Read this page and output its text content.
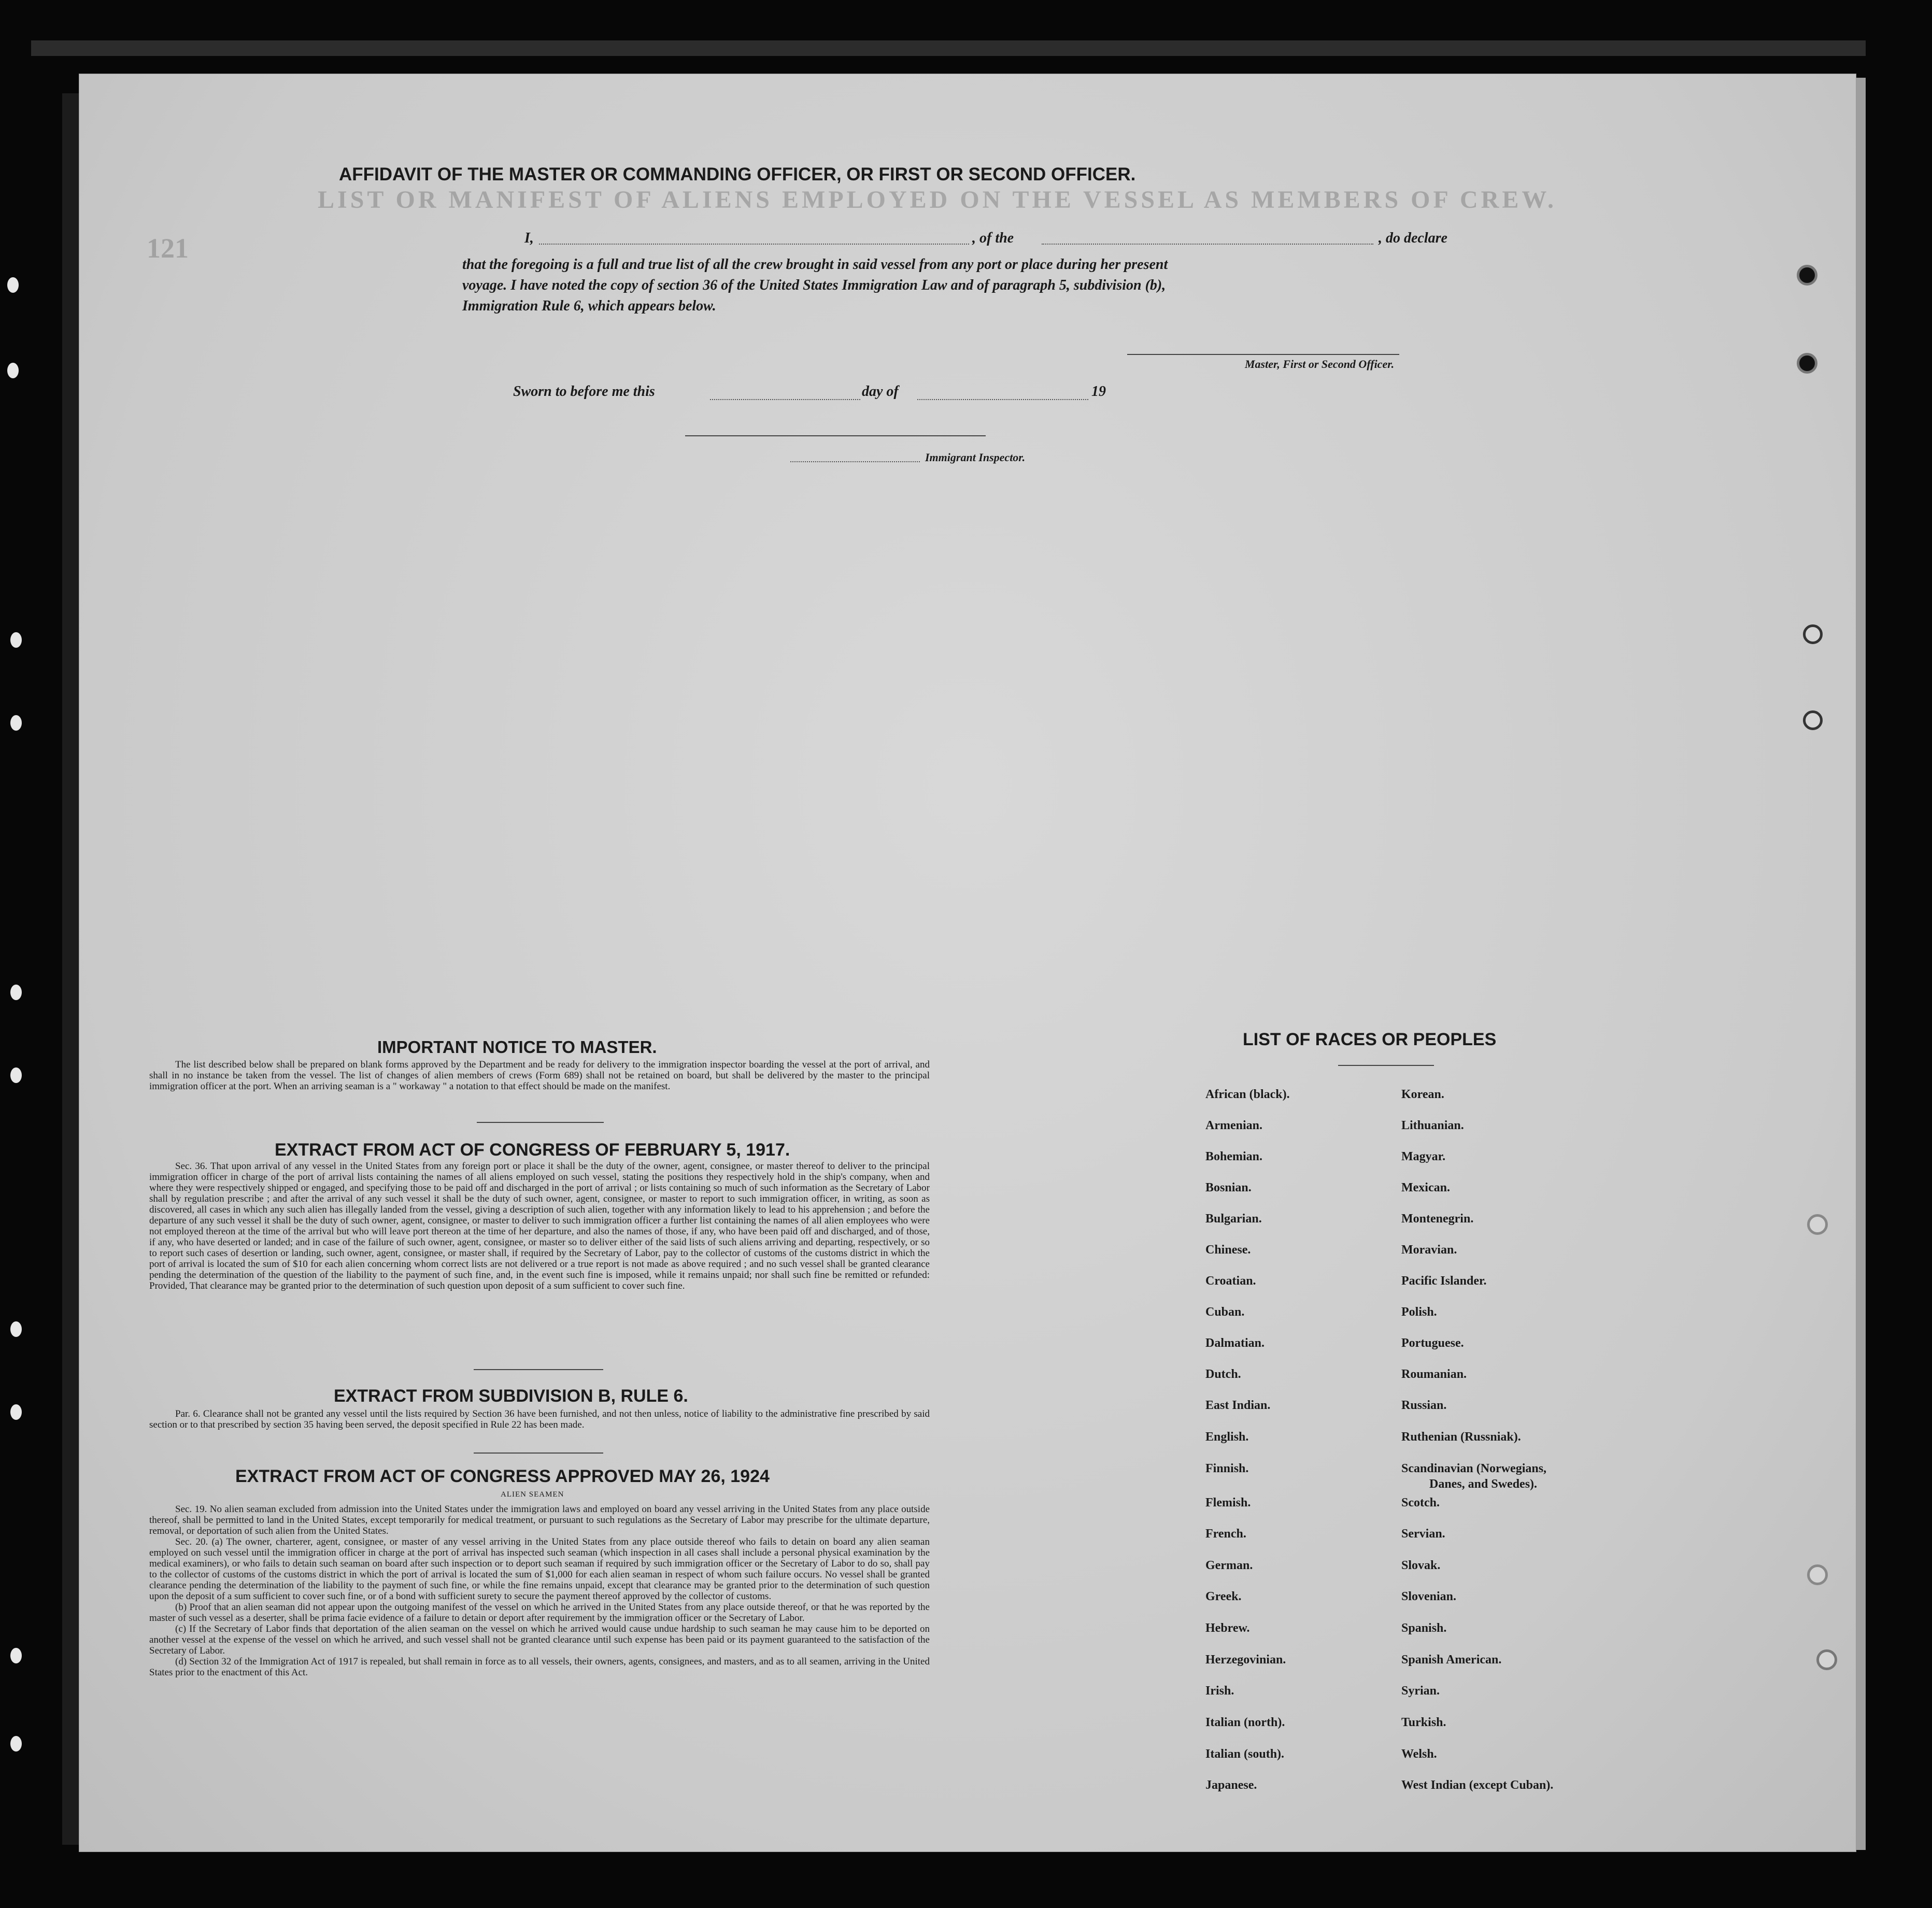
LIST OR MANIFEST OF ALIENS EMPLOYED ON THE VESSEL AS MEMBERS OF CREW.
121
AFFIDAVIT OF THE MASTER OR COMMANDING OFFICER, OR FIRST OR SECOND OFFICER.
I,	, of the	, do declare
that the foregoing is a full and true list of all the crew brought in said vessel from any port or place during her present
voyage. I have noted the copy of section 36 of the United States Immigration Law and of paragraph 5, subdivision (b),
Immigration Rule 6, which appears below.
Master, First or Second Officer.
Sworn to before me this	day of	19
Immigrant Inspector.
IMPORTANT NOTICE TO MASTER.

The list described below shall be prepared on blank forms approved by the Department and be ready for delivery to the immigration inspector boarding the vessel at the port of arrival, and shall in no instance be taken from the vessel. The list of changes of alien members of crews (Form 689) shall not be retained on board, but shall be delivered by the master to the principal immigration officer at the port. When an arriving seaman is a " workaway " a notation to that effect should be made on the manifest.

EXTRACT FROM ACT OF CONGRESS OF FEBRUARY 5, 1917.

Sec. 36. That upon arrival of any vessel in the United States from any foreign port or place it shall be the duty of the owner, agent, consignee, or master thereof to deliver to the principal immigration officer in charge of the port of arrival lists containing the names of all aliens employed on such vessel, stating the positions they respectively hold in the ship's company, when and where they were respectively shipped or engaged, and specifying those to be paid off and discharged in the port of arrival ; or lists containing so much of such information as the Secretary of Labor shall by regulation prescribe ; and after the arrival of any such vessel it shall be the duty of such owner, agent, consignee, or master to report to such immigration officer, in writing, as soon as discovered, all cases in which any such alien has illegally landed from the vessel, giving a description of such alien, together with any information likely to lead to his apprehension ; and before the departure of any such vessel it shall be the duty of such owner, agent, consignee, or master to deliver to such immigration officer a further list containing the names of all alien employees who were not employed thereon at the time of the arrival but who will leave port thereon at the time of her departure, and also the names of those, if any, who have been paid off and discharged, and of those, if any, who have deserted or landed; and in case of the failure of such owner, agent, consignee, or master so to deliver either of the said lists of such aliens arriving and departing, respectively, or so to report such cases of desertion or landing, such owner, agent, consignee, or master shall, if required by the Secretary of Labor, pay to the collector of customs of the customs district in which the port of arrival is located the sum of $10 for each alien concerning whom correct lists are not delivered or a true report is not made as above required ; and no such vessel shall be granted clearance pending the determination of the question of the liability to the payment of such fine, and, in the event such fine is imposed, while it remains unpaid; nor shall such fine be remitted or refunded: Provided, That clearance may be granted prior to the determination of such question upon deposit of a sum sufficient to cover such fine.

EXTRACT FROM SUBDIVISION B, RULE 6.

Par. 6. Clearance shall not be granted any vessel until the lists required by Section 36 have been furnished, and not then unless, notice of liability to the administrative fine prescribed by said section or to that prescribed by section 35 having been served, the deposit specified in Rule 22 has been made.

EXTRACT FROM ACT OF CONGRESS APPROVED MAY 26, 1924
ALIEN SEAMEN

Sec. 19. No alien seaman excluded from admission into the United States under the immigration laws and employed on board any vessel arriving in the United States from any place outside thereof, shall be permitted to land in the United States, except temporarily for medical treatment, or pursuant to such regulations as the Secretary of Labor may prescribe for the ultimate departure, removal, or deportation of such alien from the United States.

Sec. 20. (a) The owner, charterer, agent, consignee, or master of any vessel arriving in the United States from any place outside thereof who fails to detain on board any alien seaman employed on such vessel until the immigration officer in charge at the port of arrival has inspected such seaman (which inspection in all cases shall include a personal physical examination by the medical examiners), or who fails to detain such seaman on board after such inspection or to deport such seaman if required by such immigration officer or the Secretary of Labor to do so, shall pay to the collector of customs of the customs district in which the port of arrival is located the sum of $1,000 for each alien seaman in respect of whom such failure occurs. No vessel shall be granted clearance pending the determination of the liability to the payment of such fine, or while the fine remains unpaid, except that clearance may be granted prior to the determination of such question upon the deposit of a sum sufficient to cover such fine, or of a bond with sufficient surety to secure the payment thereof approved by the collector of customs.

(b) Proof that an alien seaman did not appear upon the outgoing manifest of the vessel on which he arrived in the United States from any place outside thereof, or that he was reported by the master of such vessel as a deserter, shall be prima facie evidence of a failure to detain or deport after requirement by the immigration officer or the Secretary of Labor.

(c) If the Secretary of Labor finds that deportation of the alien seaman on the vessel on which he arrived would cause undue hardship to such seaman he may cause him to be deported on another vessel at the expense of the vessel on which he arrived, and such vessel shall not be granted clearance until such expense has been paid or its payment guaranteed to the satisfaction of the Secretary of Labor.

(d) Section 32 of the Immigration Act of 1917 is repealed, but shall remain in force as to all vessels, their owners, agents, consignees, and masters, and as to all seamen, arriving in the United States prior to the enactment of this Act.

LIST OF RACES OR PEOPLES
African (black).
Armenian.
Bohemian.
Bosnian.
Bulgarian.
Chinese.
Croatian.
Cuban.
Dalmatian.
Dutch.
East Indian.
English.
Finnish.
Flemish.
French.
German.
Greek.
Hebrew.
Herzegovinian.
Irish.
Italian (north).
Italian (south).
Japanese.
Korean.
Lithuanian.
Magyar.
Mexican.
Montenegrin.
Moravian.
Pacific Islander.
Polish.
Portuguese.
Roumanian.
Russian.
Ruthenian (Russniak).
Scandinavian (Norwegians,
Danes, and Swedes).
Scotch.
Servian.
Slovak.
Slovenian.
Spanish.
Spanish American.
Syrian.
Turkish.
Welsh.
West Indian (except Cuban).
